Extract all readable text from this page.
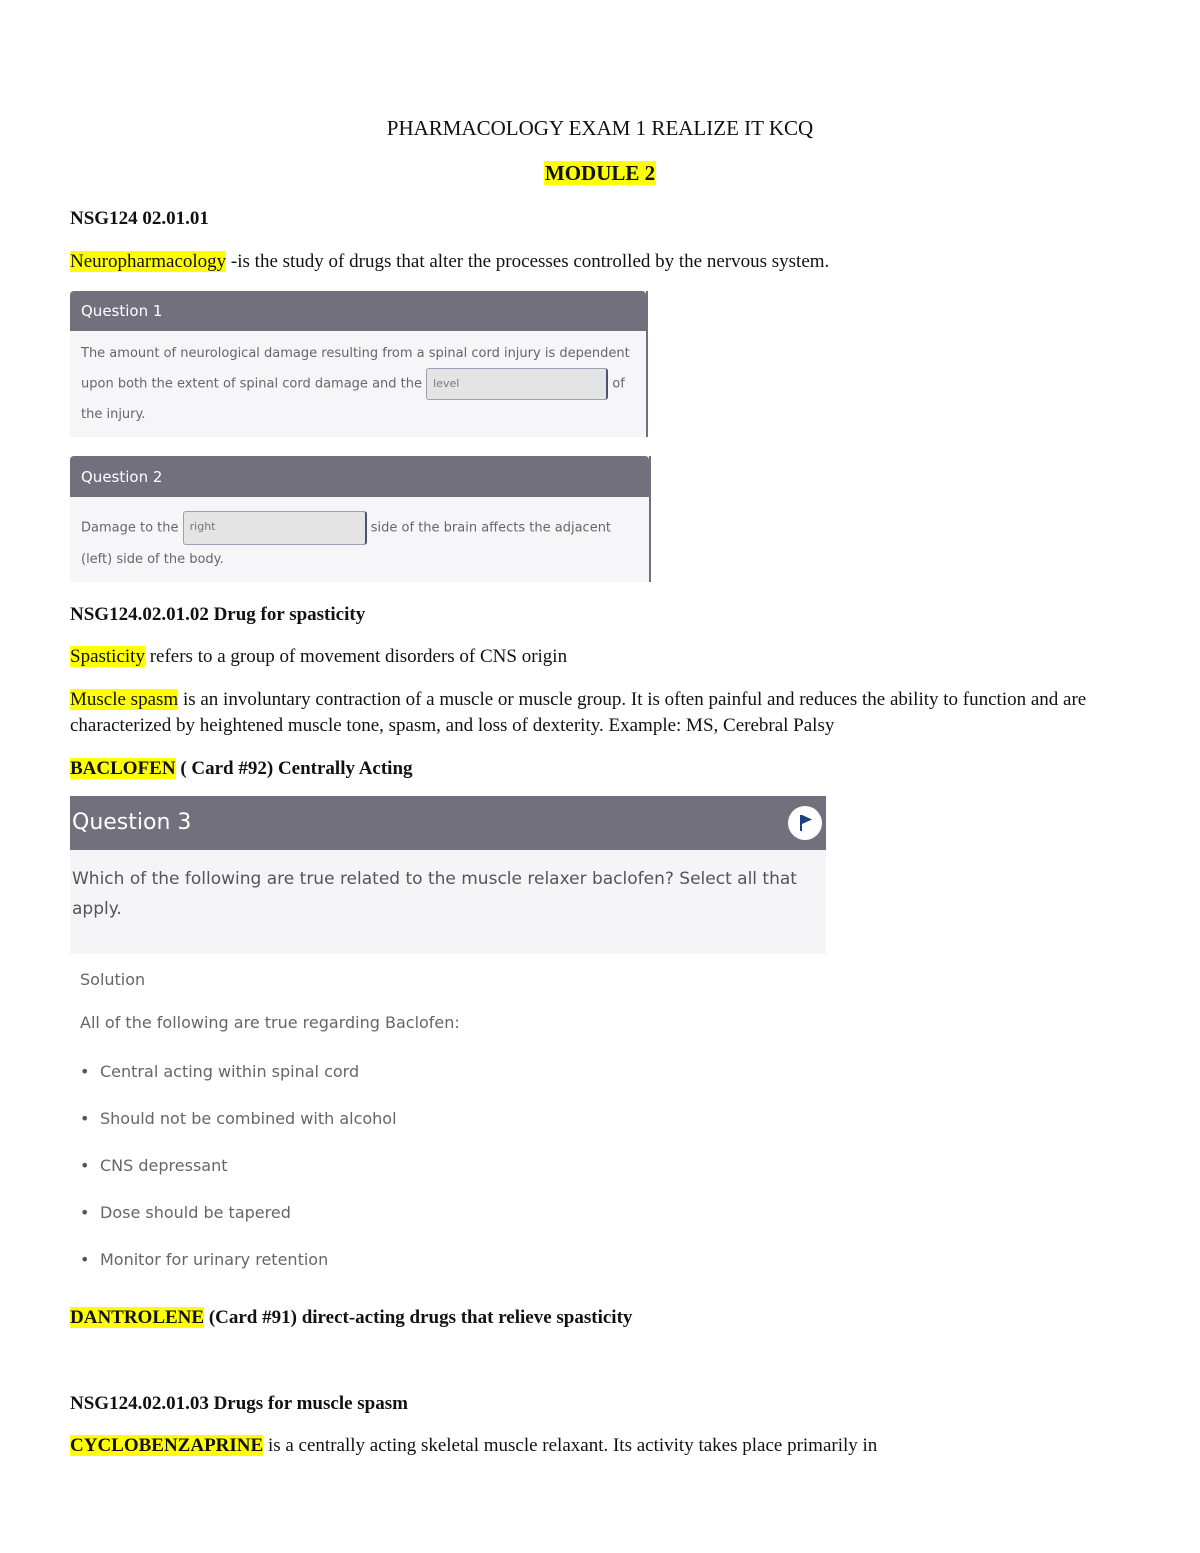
PHARMACOLOGY EXAM 1 REALIZE IT KCQ
MODULE 2
NSG124 02.01.01
Neuropharmacology -is the study of drugs that alter the processes controlled by the nervous system.
Question 1
The amount of neurological damage resulting from a spinal cord injury is dependent upon both the extent of spinal cord damage and the level	of the injury.
Question 2
Damage to the right	side of the brain affects the adjacent (left) side of the body.
NSG124.02.01.02 Drug for spasticity
Spasticity refers to a group of movement disorders of CNS origin
Muscle spasm is an involuntary contraction of a muscle or muscle group. It is often painful and reduces the ability to function and are characterized by heightened muscle tone, spasm, and loss of dexterity. Example: MS, Cerebral Palsy
BACLOFEN ( Card #92) Centrally Acting
Question 3
Which of the following are true related to the muscle relaxer baclofen? Select all that apply.
Solution
All of the following are true regarding Baclofen:
• Central acting within spinal cord
• Should not be combined with alcohol
• CNS depressant
• Dose should be tapered
• Monitor for urinary retention
DANTROLENE (Card #91) direct-acting drugs that relieve spasticity
NSG124.02.01.03 Drugs for muscle spasm
CYCLOBENZAPRINE is a centrally acting skeletal muscle relaxant. Its activity takes place primarily in
